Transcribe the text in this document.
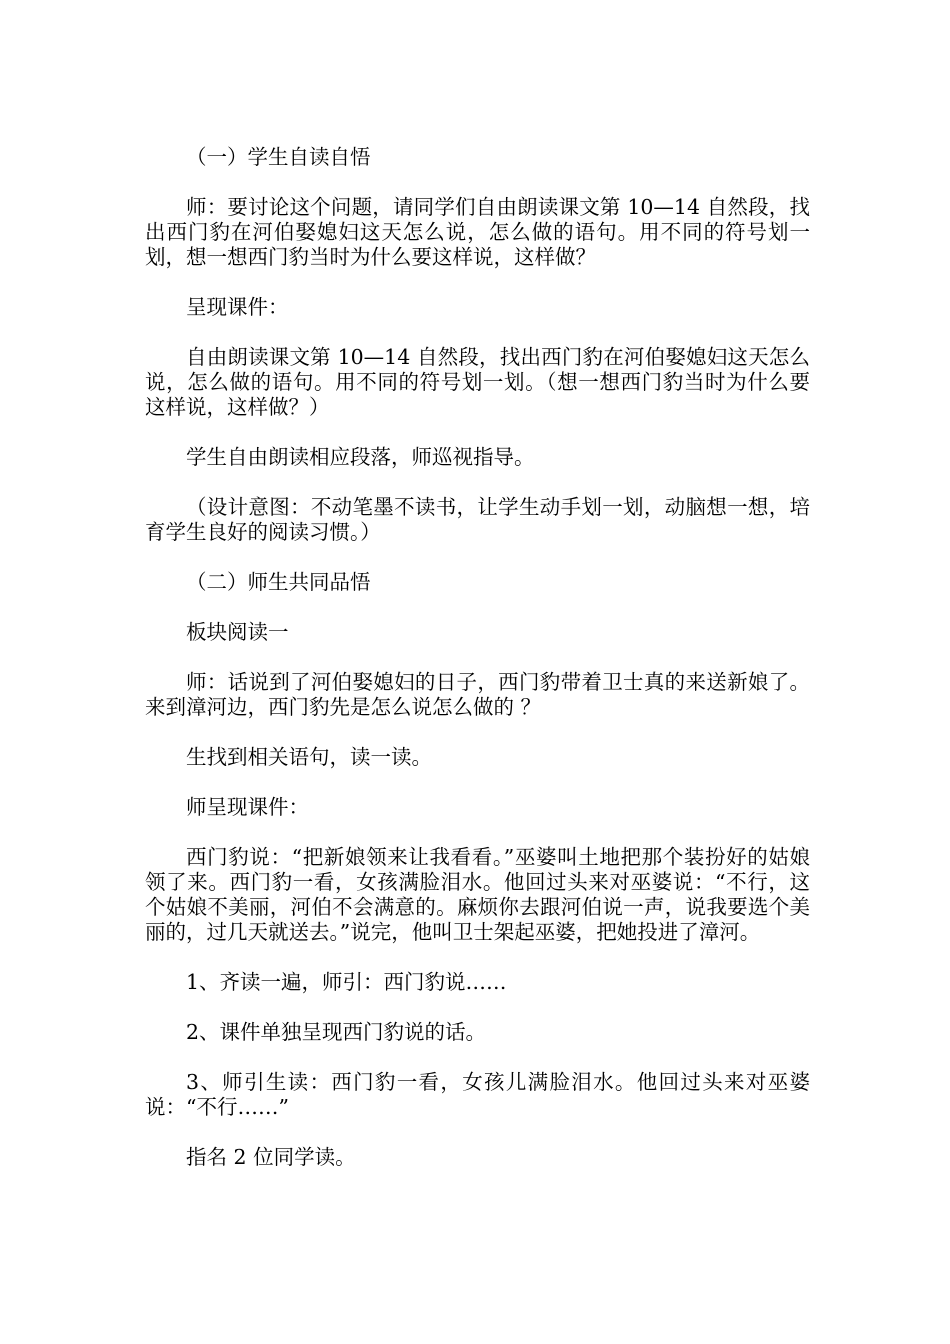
（一）学生自读自悟

师：要讨论这个问题，请同学们自由朗读课文第 10—14 自然段，找出西门豹在河伯娶媳妇这天怎么说，怎么做的语句。用不同的符号划一划，想一想西门豹当时为什么要这样说，这样做？

呈现课件：

自由朗读课文第 10—14 自然段，找出西门豹在河伯娶媳妇这天怎么说，怎么做的语句。用不同的符号划一划。（想一想西门豹当时为什么要这样说，这样做？）

学生自由朗读相应段落，师巡视指导。

（设计意图：不动笔墨不读书，让学生动手划一划，动脑想一想，培育学生良好的阅读习惯。）

（二）师生共同品悟

板块阅读一

师：话说到了河伯娶媳妇的日子，西门豹带着卫士真的来送新娘了。来到漳河边，西门豹先是怎么说怎么做的 ？

生找到相关语句，读一读。

师呈现课件：

西门豹说：“把新娘领来让我看看。”巫婆叫土地把那个装扮好的姑娘领了来。西门豹一看，女孩满脸泪水。他回过头来对巫婆说：“不行，这个姑娘不美丽，河伯不会满意的。麻烦你去跟河伯说一声，说我要选个美丽的，过几天就送去。”说完，他叫卫士架起巫婆，把她投进了漳河。

1、齐读一遍，师引：西门豹说……

2、课件单独呈现西门豹说的话。

3、师引生读：西门豹一看，女孩儿满脸泪水。他回过头来对巫婆说：“不行……”

指名 2 位同学读。
